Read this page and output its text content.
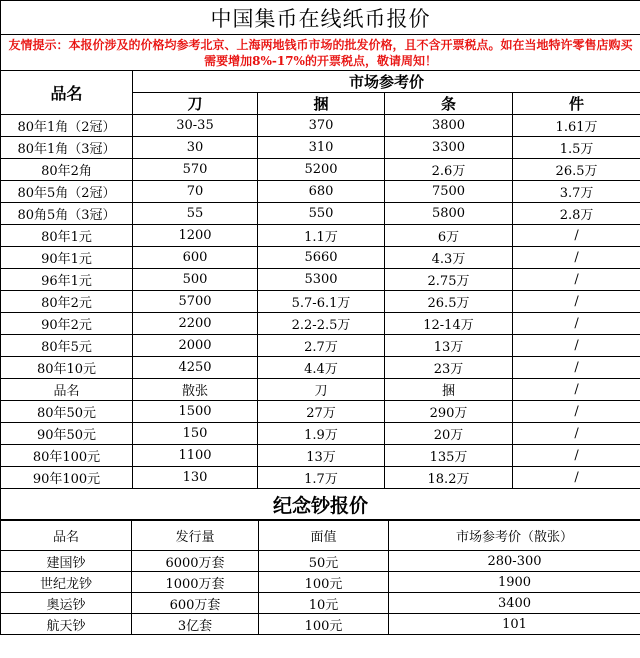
中国集币在线纸币报价				
友情提示：本报价涉及的价格均参考北京、上海两地钱币市场的批发价格，且不含开票税点。如在当地特许零售店购买需要增加8%-17%的开票税点，敬请周知！				
品名	市场参考价			
	刀	捆	条	件
80年1角（2冠）	30-35	370	3800	1.61万
80年1角（3冠）	30	310	3300	1.5万
80年2角	570	5200	2.6万	26.5万
80年5角（2冠）	70	680	7500	3.7万
80角5角（3冠）	55	550	5800	2.8万
80年1元	1200	1.1万	6万	/
90年1元	600	5660	4.3万	/
96年1元	500	5300	2.75万	/
80年2元	5700	5.7-6.1万	26.5万	/
90年2元	2200	2.2-2.5万	12-14万	/
80年5元	2000	2.7万	13万	/
80年10元	4250	4.4万	23万	/
品名	散张	刀	捆	/
80年50元	1500	27万	290万	/
90年50元	150	1.9万	20万	/
80年100元	1100	13万	135万	/
90年100元	130	1.7万	18.2万	/
纪念钞报价				
品名	发行量	面值	市场参考价（散张）
建国钞	6000万套	50元	280-300
世纪龙钞	1000万套	100元	1900
奥运钞	600万套	10元	3400
航天钞	3亿套	100元	101
